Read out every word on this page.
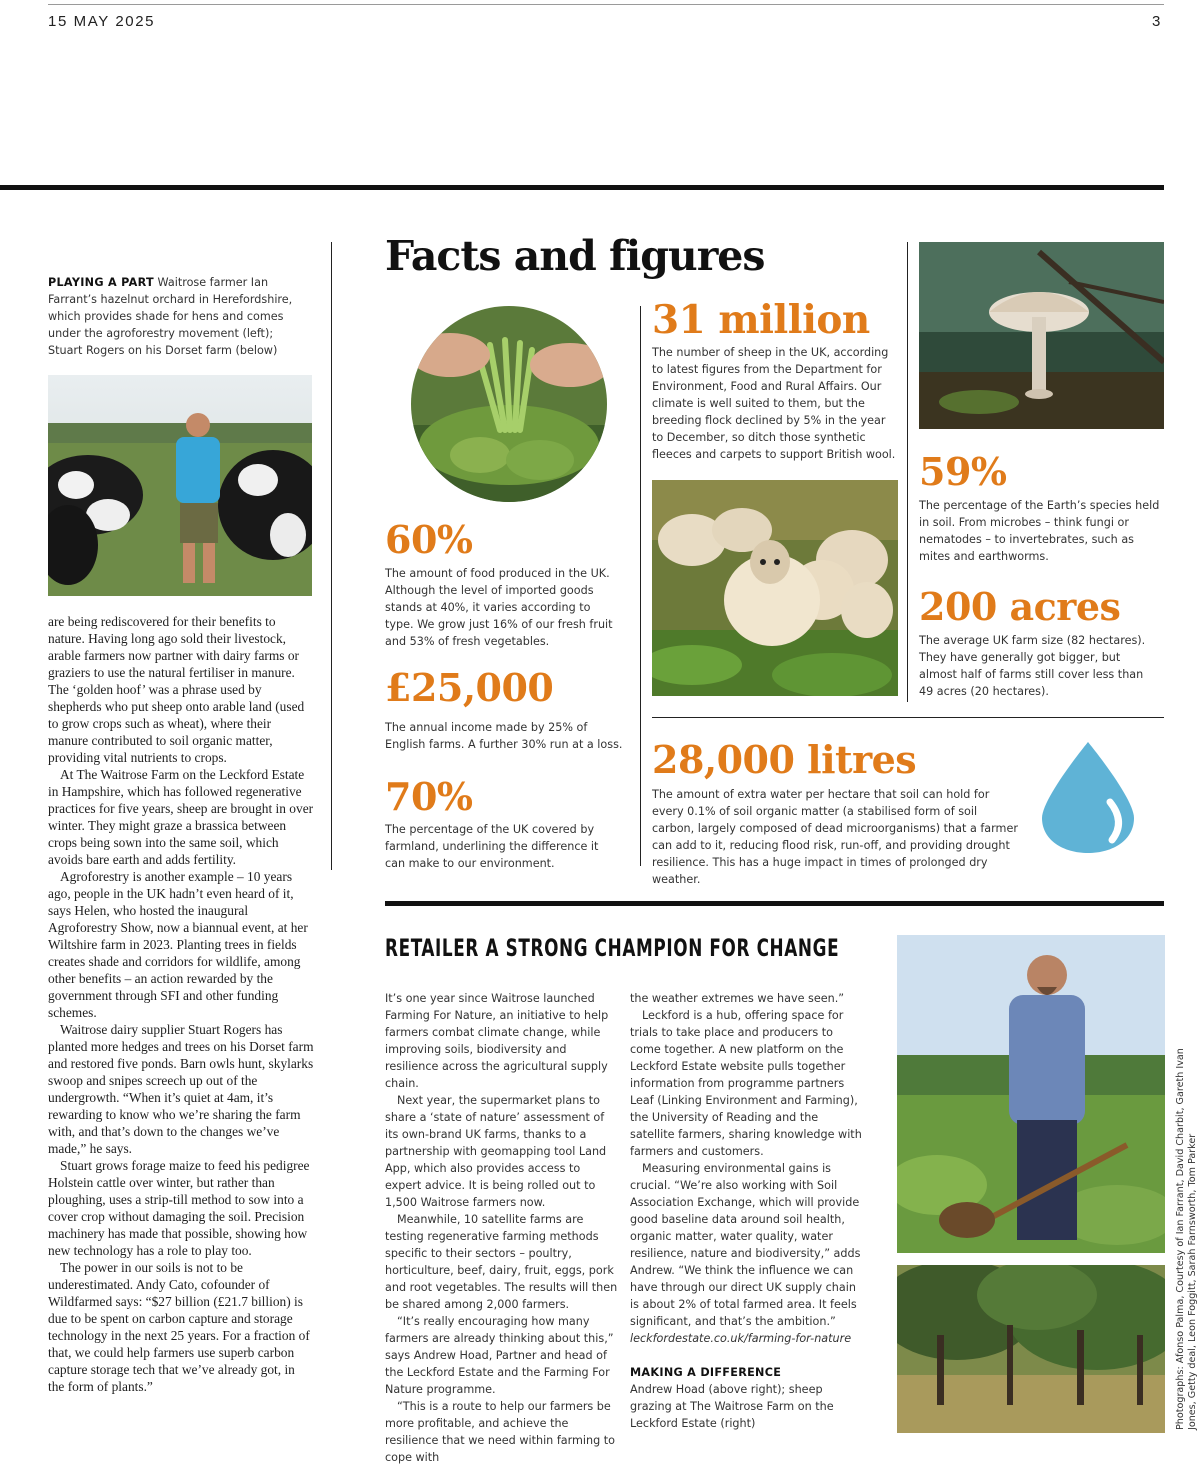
15 MAY 2025	3
PLAYING A PART Waitrose farmer Ian Farrant’s hazelnut orchard in Herefordshire, which provides shade for hens and comes under the agroforestry movement (left); Stuart Rogers on his Dorset farm (below)

are being rediscovered for their benefits to nature. Having long ago sold their livestock, arable farmers now partner with dairy farms or graziers to use the natural fertiliser in manure. The ‘golden hoof’ was a phrase used by shepherds who put sheep onto arable land (used to grow crops such as wheat), where their manure contributed to soil organic matter, providing vital nutrients to crops.

At The Waitrose Farm on the Leckford Estate in Hampshire, which has followed regenerative practices for five years, sheep are brought in over winter. They might graze a brassica between crops being sown into the same soil, which avoids bare earth and adds fertility.

Agroforestry is another example – 10 years ago, people in the UK hadn’t even heard of it, says Helen, who hosted the inaugural Agroforestry Show, now a biannual event, at her Wiltshire farm in 2023. Planting trees in fields creates shade and corridors for wildlife, among other benefits – an action rewarded by the government through SFI and other funding schemes.

Waitrose dairy supplier Stuart Rogers has planted more hedges and trees on his Dorset farm and restored five ponds. Barn owls hunt, skylarks swoop and snipes screech up out of the undergrowth. “When it’s quiet at 4am, it’s rewarding to know who we’re sharing the farm with, and that’s down to the changes we’ve made,” he says.

Stuart grows forage maize to feed his pedigree Holstein cattle over winter, but rather than ploughing, uses a strip-till method to sow into a cover crop without damaging the soil. Precision machinery has made that possible, showing how new technology has a role to play too.

The power in our soils is not to be underestimated. Andy Cato, cofounder of Wildfarmed says: “$27 billion (£21.7 billion) is due to be spent on carbon capture and storage technology in the next 25 years. For a fraction of that, we could help farmers use superb carbon capture storage tech that we’ve already got, in the form of plants.”

Facts and figures
60%
The amount of food produced in the UK. Although the level of imported goods stands at 40%, it varies according to type. We grow just 16% of our fresh fruit and 53% of fresh vegetables.
£25,000
The annual income made by 25% of English farms. A further 30% run at a loss.
70%
The percentage of the UK covered by farmland, underlining the difference it can make to our environment.
31 million
The number of sheep in the UK, according to latest figures from the Department for Environment, Food and Rural Affairs. Our climate is well suited to them, but the breeding flock declined by 5% in the year to December, so ditch those synthetic fleeces and carpets to support British wool. 59%
The percentage of the Earth’s species held in soil. From microbes – think fungi or nematodes – to invertebrates, such as mites and earthworms.
200 acres
The average UK farm size (82 hectares). They have generally got bigger, but almost half of farms still cover less than 49 acres (20 hectares).
28,000 litres
The amount of extra water per hectare that soil can hold for every 0.1% of soil organic matter (a stabilised form of soil carbon, largely composed of dead microorganisms) that a farmer can add to it, reducing flood risk, run-off, and providing drought resilience. This has a huge impact in times of prolonged dry weather.
RETAILER A STRONG CHAMPION FOR CHANGE

It’s one year since Waitrose launched Farming For Nature, an initiative to help farmers combat climate change, while improving soils, biodiversity and resilience across the agricultural supply chain.

Next year, the supermarket plans to share a ‘state of nature’ assessment of its own-brand UK farms, thanks to a partnership with geomapping tool Land App, which also provides access to expert advice. It is being rolled out to 1,500 Waitrose farmers now.

Meanwhile, 10 satellite farms are testing regenerative farming methods specific to their sectors – poultry, horticulture, beef, dairy, fruit, eggs, pork and root vegetables. The results will then be shared among 2,000 farmers.

“It’s really encouraging how many farmers are already thinking about this,” says Andrew Hoad, Partner and head of the Leckford Estate and the Farming For Nature programme.

“This is a route to help our farmers be more profitable, and achieve the resilience that we need within farming to cope with

the weather extremes we have seen.”

Leckford is a hub, offering space for trials to take place and producers to come together. A new platform on the Leckford Estate website pulls together information from programme partners Leaf (Linking Environment and Farming), the University of Reading and the satellite farmers, sharing knowledge with farmers and customers.

Measuring environmental gains is crucial. “We’re also working with Soil Association Exchange, which will provide good baseline data around soil health, organic matter, water quality, water resilience, nature and biodiversity,” adds Andrew. “We think the influence we can have through our direct UK supply chain is about 2% of total farmed area. It feels significant, and that’s the ambition.”

leckfordestate.co.uk/farming-for-nature

MAKING A DIFFERENCE

Andrew Hoad (above right); sheep grazing at The Waitrose Farm on the Leckford Estate (right)	Photographs: Afonso Palma, Courtesy of Ian Farrant, David Charbit, Gareth Ivan Jones, Getty deal, Leon Foggitt, Sarah Farnsworth, Tom Parker
